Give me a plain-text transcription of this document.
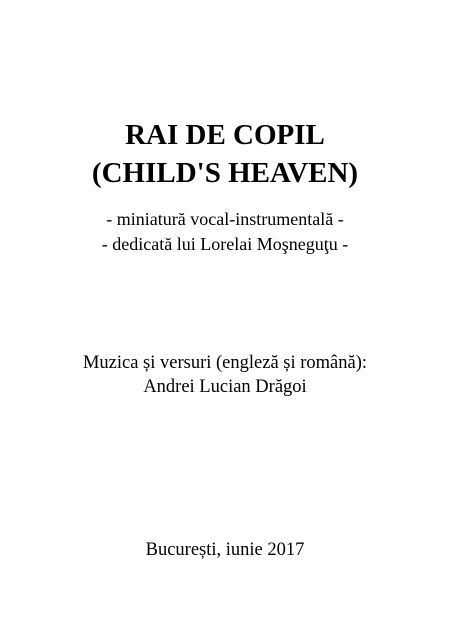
RAI DE COPIL
(CHILD'S HEAVEN)
- miniatură vocal-instrumentală -
- dedicată lui Lorelai Moşneguţu -
Muzica și versuri (engleză și română):
Andrei Lucian Drăgoi
București, iunie 2017
